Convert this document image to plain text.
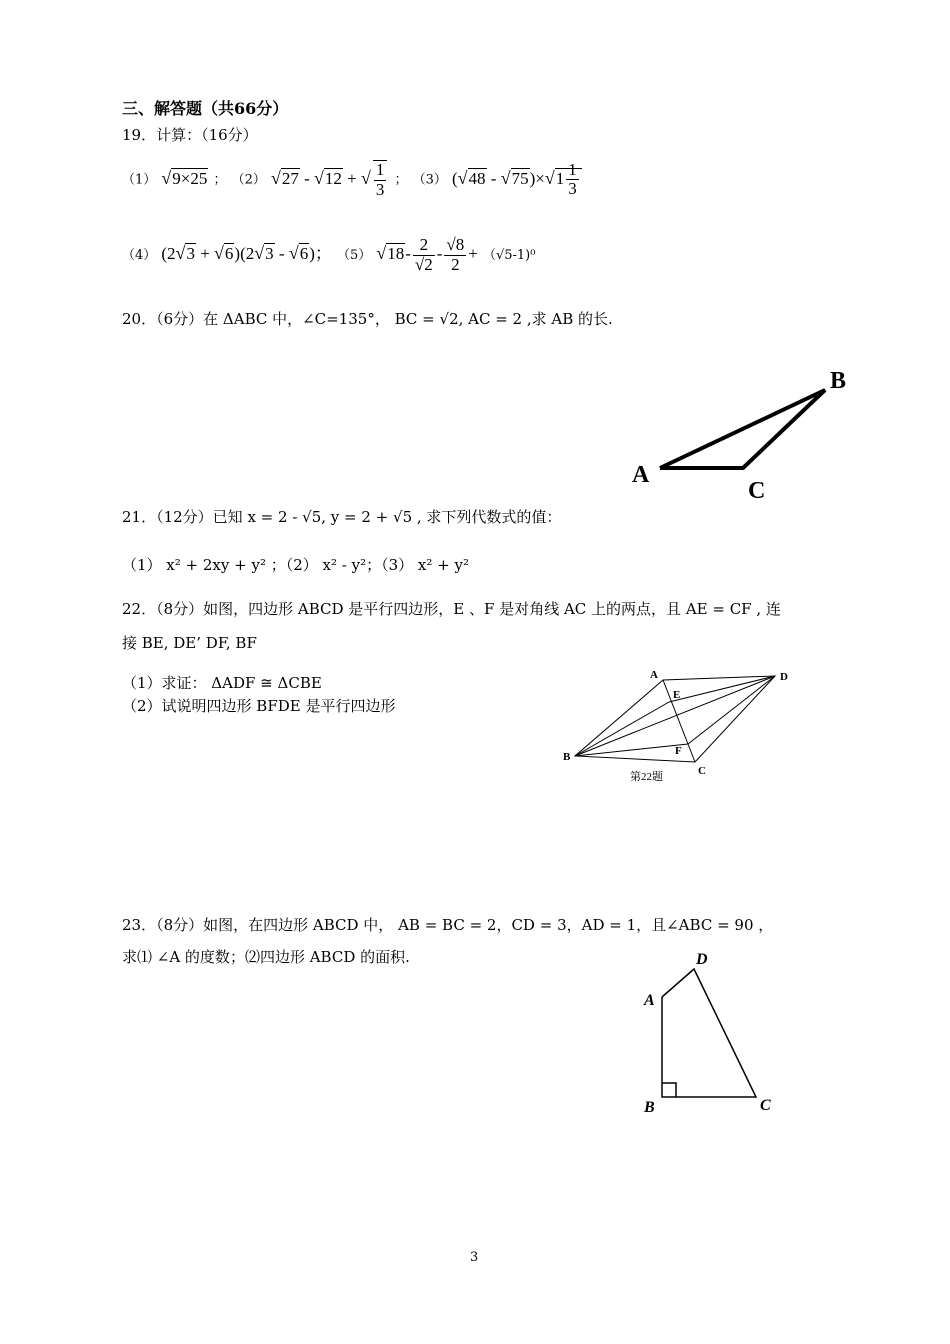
三、解答题（共66分）
19．计算：（16分）
（1） √9×25 ； （2） √27 - √12 + √ $\frac{1}{3}$ ； （3） $(√48 - √75)\times√1 \frac{1}{3}$
（4） (2√3 + √6)(2√3 - √6)； （5） $√18- \frac{2}{√2} - \frac{√8}{2} + (√5-1)^0$
20．（6分）在 ΔABC 中，∠C=135°， BC = √2, AC = 2 ,求 AB 的长.
A
B
C
21．（12分）已知 x = 2 - √5, y = 2 + √5 , 求下列代数式的值：
（1） x² + 2xy + y² ；（2） x² - y²；（3） x² + y²
22．（8分）如图，四边形 ABCD 是平行四边形，E 、F 是对角线 AC 上的两点，且 AE = CF , 连
接 BE, DE’ DF, BF
（1）求证： ΔADF ≅ ΔCBE
（2）试说明四边形 BFDE 是平行四边形
A
B
C
D
E
F
第22题
23．（8分）如图，在四边形 ABCD 中， AB = BC = 2，CD = 3，AD = 1，且∠ABC = 90 ，
求⑴ ∠A 的度数；⑵四边形 ABCD 的面积.
A
B	C
D
3
